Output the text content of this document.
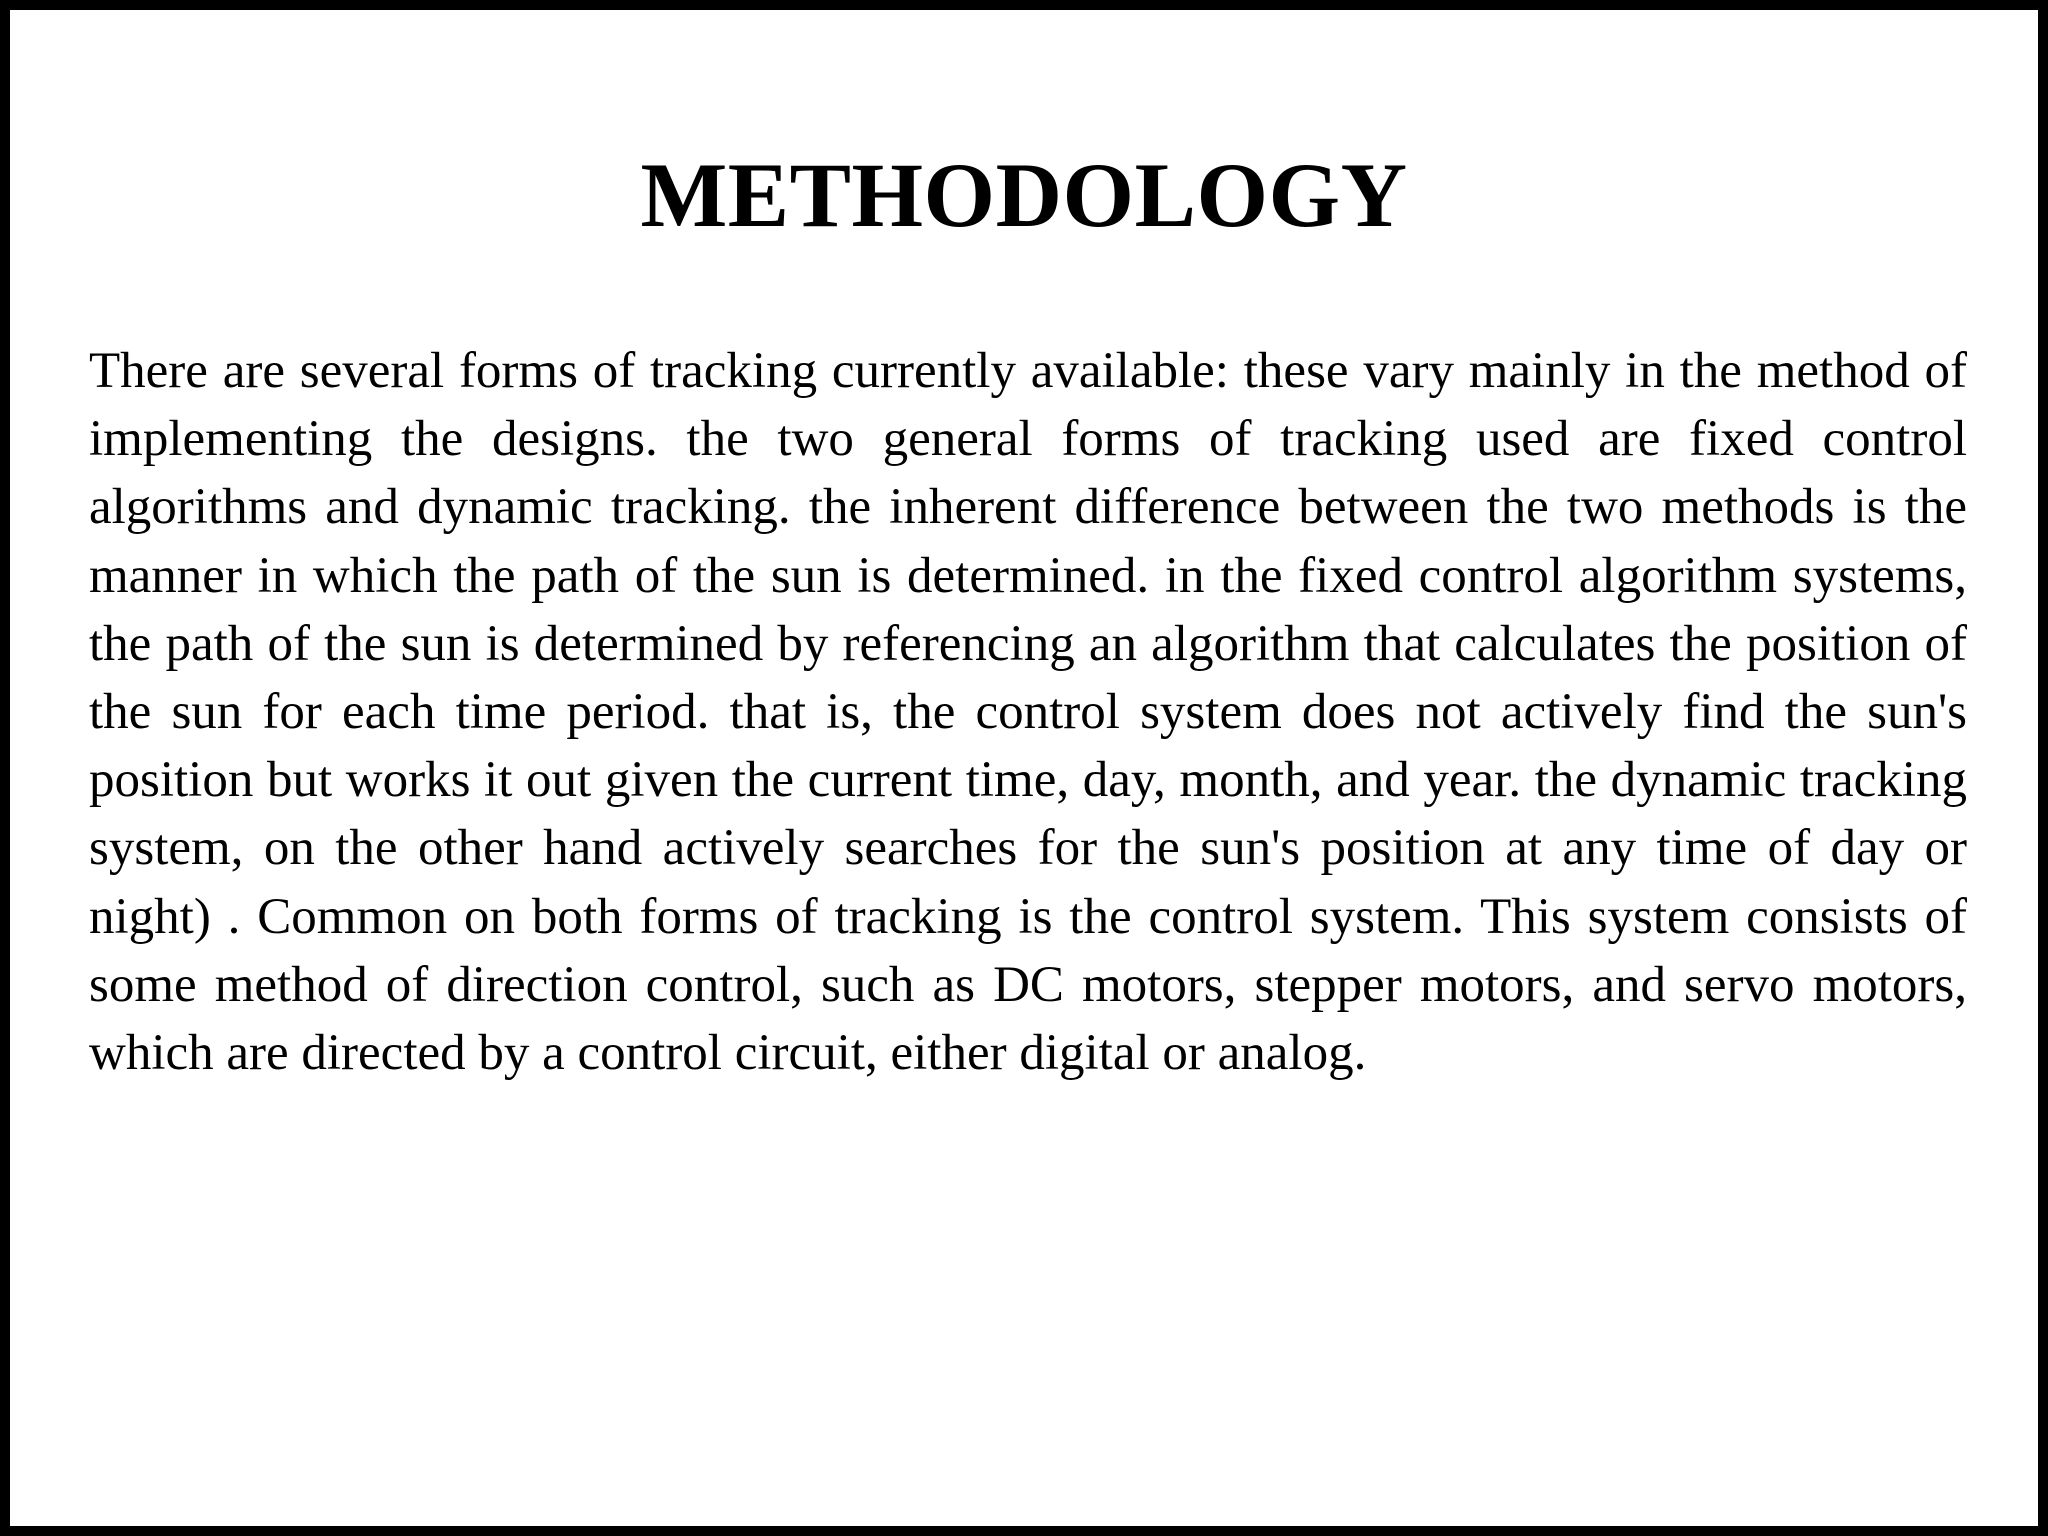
METHODOLOGY

There are several forms of tracking currently available: these vary mainly in the method of implementing the designs. the two general forms of tracking used are fixed control algorithms and dynamic tracking. the inherent difference between the two methods is the manner in which the path of the sun is determined. in the fixed control algorithm systems, the path of the sun is determined by referencing an algorithm that calculates the position of the sun for each time period. that is, the control system does not actively find the sun's position but works it out given the current time, day, month, and year. the dynamic tracking system, on the other hand actively searches for the sun's position at any time of day or night) . Common on both forms of tracking is the control system. This system consists of some method of direction control, such as DC motors, stepper motors, and servo motors, which are directed by a control circuit, either digital or analog.
